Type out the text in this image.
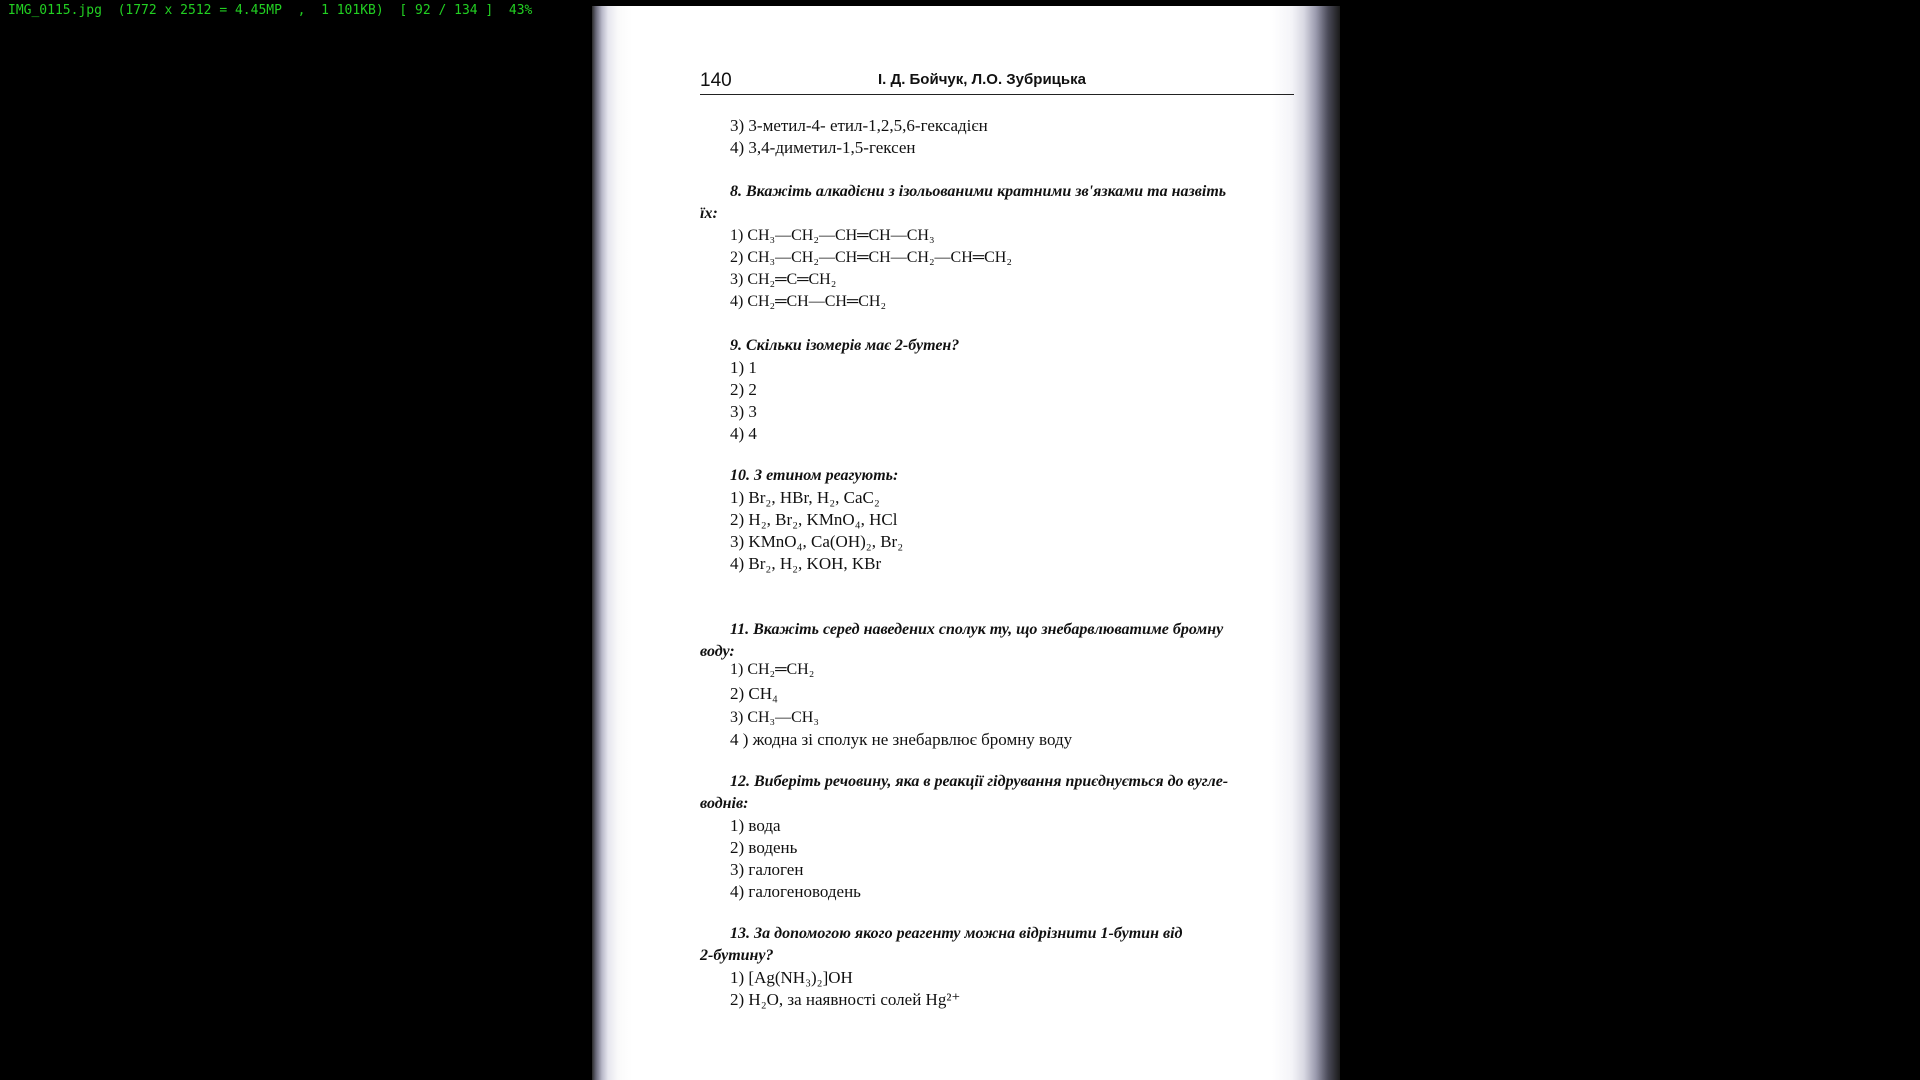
IMG_0115.jpg  (1772 x 2512 = 4.45MP  ,  1 101KB)  [ 92 / 134 ]  43%
140	І. Д. Бойчук, Л.О. Зубрицька
3) 3-метил-4- етил-1,2,5,6-гексадієн
4) 3,4-диметил-1,5-гексен
8. Вкажіть алкадієни з ізольованими кратними зв'язками та назвіть
їх:
1) CH₃—CH₂—CH═CH—CH₃
2) CH₃—CH₂—CH═CH—CH₂—CH═CH₂
3) CH₂═C═CH₂
4) CH₂═CH—CH═CH₂
9. Скільки ізомерів має 2-бутен?
1) 1
2) 2
3) 3
4) 4
10. З етином реагують:
1) Br₂, HBr, H₂, CaC₂
2) H₂, Br₂, KMnO₄, HCl
3) KMnO₄, Ca(OH)₂, Br₂
4) Br₂, H₂, KOH, KBr
11. Вкажіть серед наведених сполук ту, що знебарвлюватиме бромну
воду:
1) CH₂═CH₂
2) CH₄
3) CH₃—CH₃
4 ) жодна зі сполук не знебарвлює бромну воду
12. Виберіть речовину, яка в реакції гідрування приєднується до вугле-
воднів:
1) вода
2) водень
3) галоген
4) галогеноводень
13. За допомогою якого реагенту можна відрізнити 1-бутин від
2-бутину?
1) [Ag(NH₃)₂]OH
2) H₂O, за наявності солей Hg²⁺
